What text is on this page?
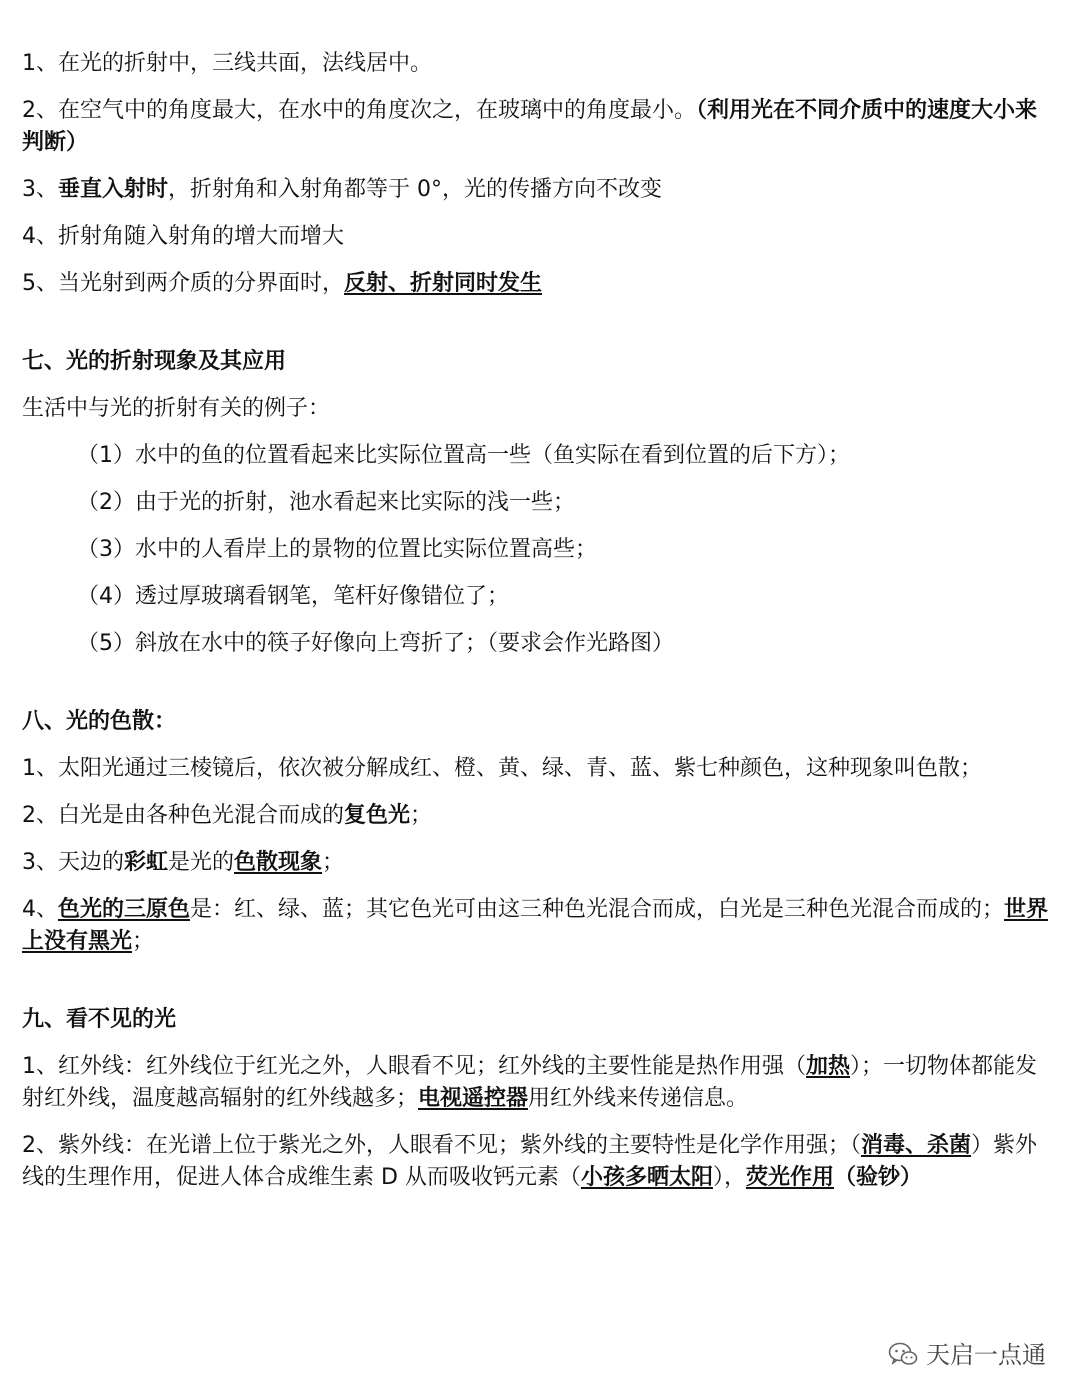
1、在光的折射中，三线共面，法线居中。
2、在空气中的角度最大，在水中的角度次之，在玻璃中的角度最小。（利用光在不同介质中的速度大小来判断）
3、垂直入射时，折射角和入射角都等于 0°，光的传播方向不改变
4、折射角随入射角的增大而增大
5、当光射到两介质的分界面时，反射、折射同时发生
七、光的折射现象及其应用
生活中与光的折射有关的例子：
（1）水中的鱼的位置看起来比实际位置高一些（鱼实际在看到位置的后下方）；
（2）由于光的折射，池水看起来比实际的浅一些；
（3）水中的人看岸上的景物的位置比实际位置高些；
（4）透过厚玻璃看钢笔，笔杆好像错位了；
（5）斜放在水中的筷子好像向上弯折了；（要求会作光路图）
八、光的色散：
1、太阳光通过三棱镜后，依次被分解成红、橙、黄、绿、青、蓝、紫七种颜色，这种现象叫色散；
2、白光是由各种色光混合而成的复色光；
3、天边的彩虹是光的色散现象；
4、色光的三原色是：红、绿、蓝；其它色光可由这三种色光混合而成，白光是三种色光混合而成的；世界上没有黑光；
九、看不见的光
1、红外线：红外线位于红光之外，人眼看不见；红外线的主要性能是热作用强（加热）；一切物体都能发射红外线，温度越高辐射的红外线越多；电视遥控器用红外线来传递信息。
2、紫外线：在光谱上位于紫光之外，人眼看不见；紫外线的主要特性是化学作用强；（消毒、杀菌）紫外线的生理作用，促进人体合成维生素 D 从而吸收钙元素（小孩多晒太阳），荧光作用（验钞）
天启一点通
